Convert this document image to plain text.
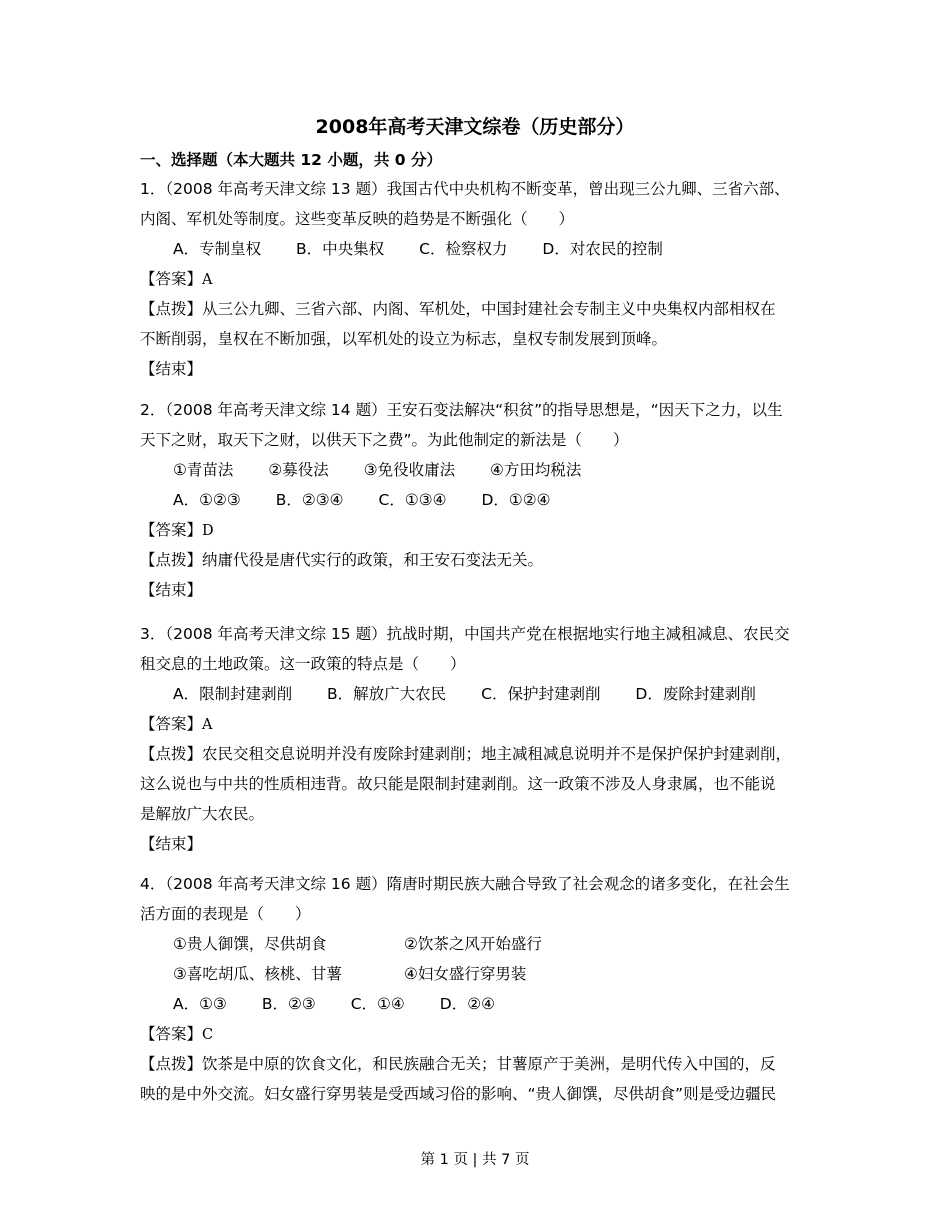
2008年高考天津文综卷（历史部分）
一、选择题（本大题共 12 小题，共 0 分）
1．（2008 年高考天津文综 13 题）我国古代中央机构不断变革，曾出现三公九卿、三省六部、
内阁、军机处等制度。这些变革反映的趋势是不断强化（　　）
A．专制皇权 B．中央集权 C．检察权力 D．对农民的控制
【答案】A
【点拨】从三公九卿、三省六部、内阁、军机处，中国封建社会专制主义中央集权内部相权在
不断削弱，皇权在不断加强，以军机处的设立为标志，皇权专制发展到顶峰。
【结束】
2．（2008 年高考天津文综 14 题）王安石变法解决“积贫”的指导思想是，“因天下之力，以生
天下之财，取天下之财，以供天下之费”。为此他制定的新法是（　　）
①青苗法 ②募役法 ③免役收庸法 ④方田均税法
A．①②③ B．②③④ C．①③④ D．①②④
【答案】D
【点拨】纳庸代役是唐代实行的政策，和王安石变法无关。
【结束】
3．（2008 年高考天津文综 15 题）抗战时期，中国共产党在根据地实行地主减租减息、农民交
租交息的土地政策。这一政策的特点是（　　）
A．限制封建剥削 B．解放广大农民 C．保护封建剥削 D．废除封建剥削
【答案】A
【点拨】农民交租交息说明并没有废除封建剥削；地主减租减息说明并不是保护保护封建剥削，
这么说也与中共的性质相违背。故只能是限制封建剥削。这一政策不涉及人身隶属，也不能说
是解放广大农民。
【结束】
4．（2008 年高考天津文综 16 题）隋唐时期民族大融合导致了社会观念的诸多变化，在社会生
活方面的表现是（　　）
①贵人御馔，尽供胡食	②饮茶之风开始盛行
③喜吃胡瓜、核桃、甘薯	④妇女盛行穿男装
A．①③ B．②③ C．①④ D．②④
【答案】C
【点拨】饮茶是中原的饮食文化，和民族融合无关；甘薯原产于美洲，是明代传入中国的，反
映的是中外交流。妇女盛行穿男装是受西域习俗的影响、“贵人御馔，尽供胡食”则是受边疆民
第 1 页 | 共 7 页
